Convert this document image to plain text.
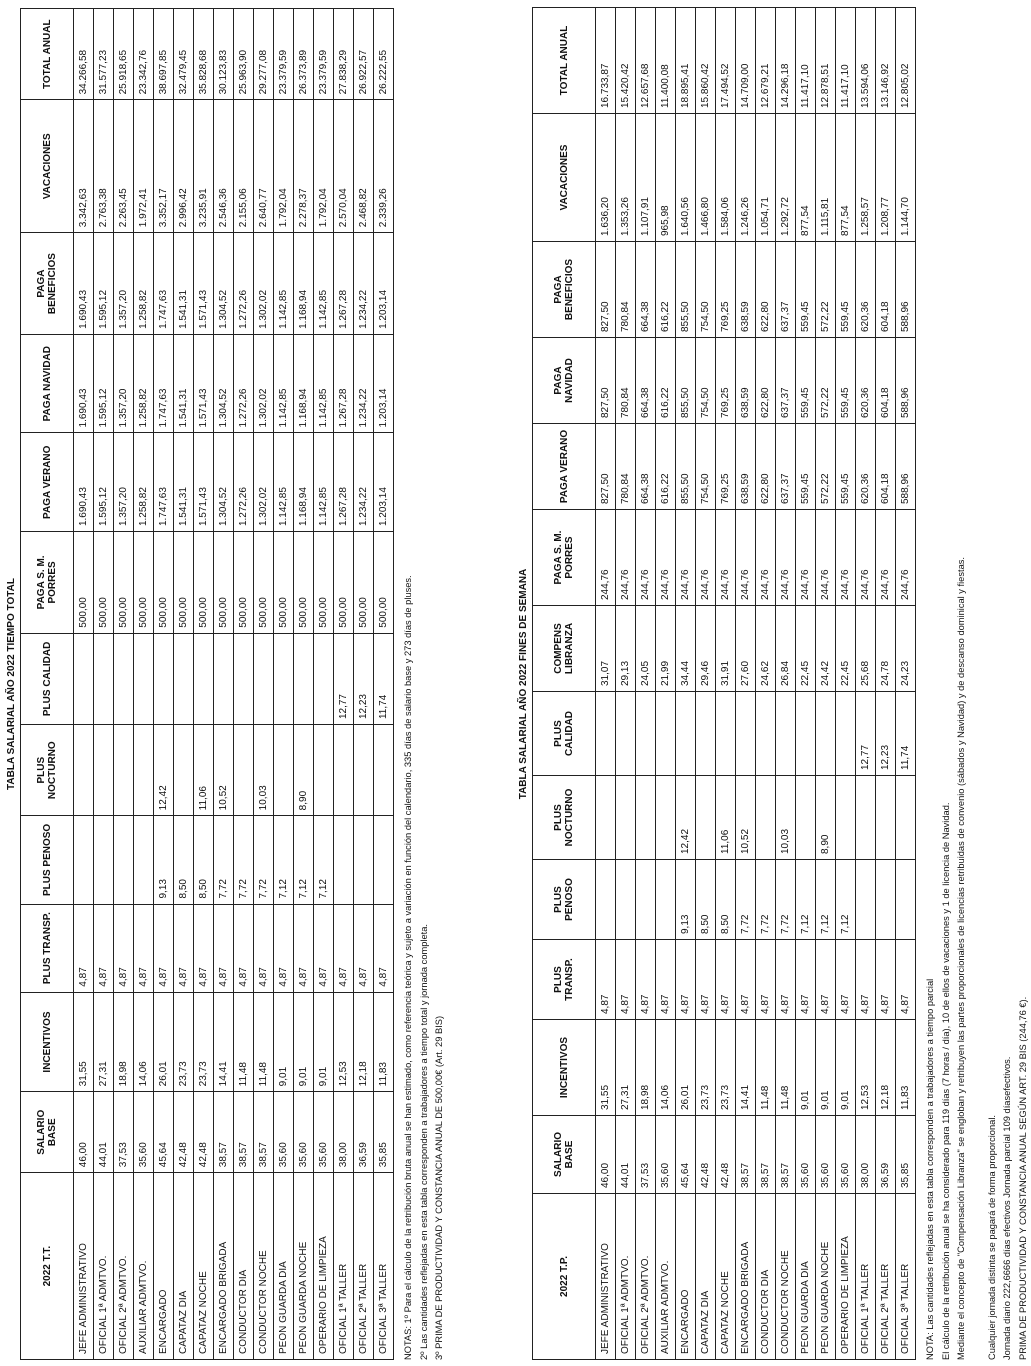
TABLA SALARIAL AÑO 2022 TIEMPO TOTAL
2022 T.T.	SALARIO BASE	INCENTIVOS	PLUS TRANSP.	PLUS PENOSO	PLUS NOCTURNO	PLUS CALIDAD	PAGA S. M. PORRES	PAGA VERANO	PAGA NAVIDAD	PAGA BENEFICIOS	VACACIONES	TOTAL ANUAL
JEFE ADMINISTRATIVO	46,00	31,55	4,87				500,00	1.690,43	1.690,43	1.690,43	3.342,63	34.266,58
OFICIAL 1ª ADMTVO.	44,01	27,31	4,87				500,00	1.595,12	1.595,12	1.595,12	2.763,38	31.577,23
OFICIAL 2ª ADMTVO.	37,53	18,98	4,87				500,00	1.357,20	1.357,20	1.357,20	2.263,45	25.918,65
AUXILIAR ADMTVO.	35,60	14,06	4,87				500,00	1.258,82	1.258,82	1.258,82	1.972,41	23.342,76
ENCARGADO	45,64	26,01	4,87	9,13	12,42		500,00	1.747,63	1.747,63	1.747,63	3.352,17	38.697,85
CAPATAZ DIA	42,48	23,73	4,87	8,50			500,00	1.541,31	1.541,31	1.541,31	2.996,42	32.479,45
CAPATAZ NOCHE	42,48	23,73	4,87	8,50	11,06		500,00	1.571,43	1.571,43	1.571,43	3.235,91	35.828,68
ENCARGADO BRIGADA	38,57	14,41	4,87	7,72	10,52		500,00	1.304,52	1.304,52	1.304,52	2.546,36	30.123,83
CONDUCTOR DIA	38,57	11,48	4,87	7,72			500,00	1.272,26	1.272,26	1.272,26	2.155,06	25.963,90
CONDUCTOR NOCHE	38,57	11,48	4,87	7,72	10,03		500,00	1.302,02	1.302,02	1.302,02	2.640,77	29.277,08
PEON GUARDA DIA	35,60	9,01	4,87	7,12			500,00	1.142,85	1.142,85	1.142,85	1.792,04	23.379,59
PEON GUARDA NOCHE	35,60	9,01	4,87	7,12	8,90		500,00	1.168,94	1.168,94	1.168,94	2.278,37	26.373,89
OPERARIO DE LIMPIEZA	35,60	9,01	4,87	7,12			500,00	1.142,85	1.142,85	1.142,85	1.792,04	23.379,59
OFICIAL 1ª TALLER	38,00	12,53	4,87			12,77	500,00	1.267,28	1.267,28	1.267,28	2.570,04	27.838,29
OFICIAL 2ª TALLER	36,59	12,18	4,87			12,23	500,00	1.234,22	1.234,22	1.234,22	2.468,82	26.922,57
OFICIAL 3ª TALLER	35,85	11,83	4,87			11,74	500,00	1.203,14	1.203,14	1.203,14	2.339,26	26.222,55
NOTAS: 1º Para el cálculo de la retribución bruta anual se han estimado, como referencia teórica y sujeto a variación en función del calendario, 335 días de salario base y 273 días de pluses. 2º Las cantidades reflejadas en esta tabla corresponden a trabajadores a tiempo total y jornada completa. 3º PRIMA DE PRODUCTIVIDAD Y CONSTANCIA ANUAL DE 500,00€ (Art. 29 BIS)
TABLA SALARIAL AÑO 2022 FINES DE SEMANA
2022 T.P.	SALARIO BASE	INCENTIVOS	PLUS TRANSP.	PLUS PENOSO	PLUS NOCTURNO	PLUS CALIDAD	COMPENS LIBRANZA	PAGA S. M. PORRES	PAGA VERANO	PAGA NAVIDAD	PAGA BENEFICIOS	VACACIONES	TOTAL ANUAL
JEFE ADMINISTRATIVO	46,00	31,55	4,87				31,07	244,76	827,50	827,50	827,50	1.636,20	16.733,87
OFICIAL 1ª ADMTVO.	44,01	27,31	4,87				29,13	244,76	780,84	780,84	780,84	1.353,26	15.420,42
OFICIAL 2ª ADMTVO.	37,53	18,98	4,87				24,05	244,76	664,38	664,38	664,38	1.107,91	12.657,68
AUXILIAR ADMTVO.	35,60	14,06	4,87				21,99	244,76	616,22	616,22	616,22	965,98	11.400,08
ENCARGADO	45,64	26,01	4,87	9,13	12,42		34,44	244,76	855,50	855,50	855,50	1.640,56	18.895,41
CAPATAZ DIA	42,48	23,73	4,87	8,50			29,46	244,76	754,50	754,50	754,50	1.466,80	15.860,42
CAPATAZ NOCHE	42,48	23,73	4,87	8,50	11,06		31,91	244,76	769,25	769,25	769,25	1.584,06	17.494,52
ENCARGADO BRIGADA	38,57	14,41	4,87	7,72	10,52		27,60	244,76	638,59	638,59	638,59	1.246,26	14.709,00
CONDUCTOR DIA	38,57	11,48	4,87	7,72			24,62	244,76	622,80	622,80	622,80	1.054,71	12.679,21
CONDUCTOR NOCHE	38,57	11,48	4,87	7,72	10,03		26,84	244,76	637,37	637,37	637,37	1.292,72	14.296,18
PEON GUARDA DIA	35,60	9,01	4,87	7,12			22,45	244,76	559,45	559,45	559,45	877,54	11.417,10
PEON GUARDA NOCHE	35,60	9,01	4,87	7,12	8,90		24,42	244,76	572,22	572,22	572,22	1.115,81	12.878,51
OPERARIO DE LIMPIEZA	35,60	9,01	4,87	7,12			22,45	244,76	559,45	559,45	559,45	877,54	11.417,10
OFICIAL 1ª TALLER	38,00	12,53	4,87			12,77	25,68	244,76	620,36	620,36	620,36	1.258,57	13.594,06
OFICIAL 2ª TALLER	36,59	12,18	4,87			12,23	24,78	244,76	604,18	604,18	604,18	1.208,77	13.146,92
OFICIAL 3ª TALLER	35,85	11,83	4,87			11,74	24,23	244,76	588,96	588,96	588,96	1.144,70	12.805,02
NOTA: Las cantidades reflejadas en esta tabla corresponden a trabajadores a tiempo parcial El cálculo de la retribución anual se ha considerado para 119 días (7 horas / día), 10 de ellos de vacaciones y 1 de licencia de Navidad. Mediante el concepto de "Compensación Libranza" se engloban y retribuyen las partes proporcionales de licencias retribuidas de convenio (sábados y Navidad) y de descanso dominical y fiestas.	Cualquier jornada distinta se pagará de forma proporcional. Jornada diario 222,6666 días efectivos Jornada parcial 109 díasefectivos. PRIMA DE PRODUCTIVIDAD Y CONSTANCIA ANUAL SEGÚN ART. 29 BIS (244,76 €).
